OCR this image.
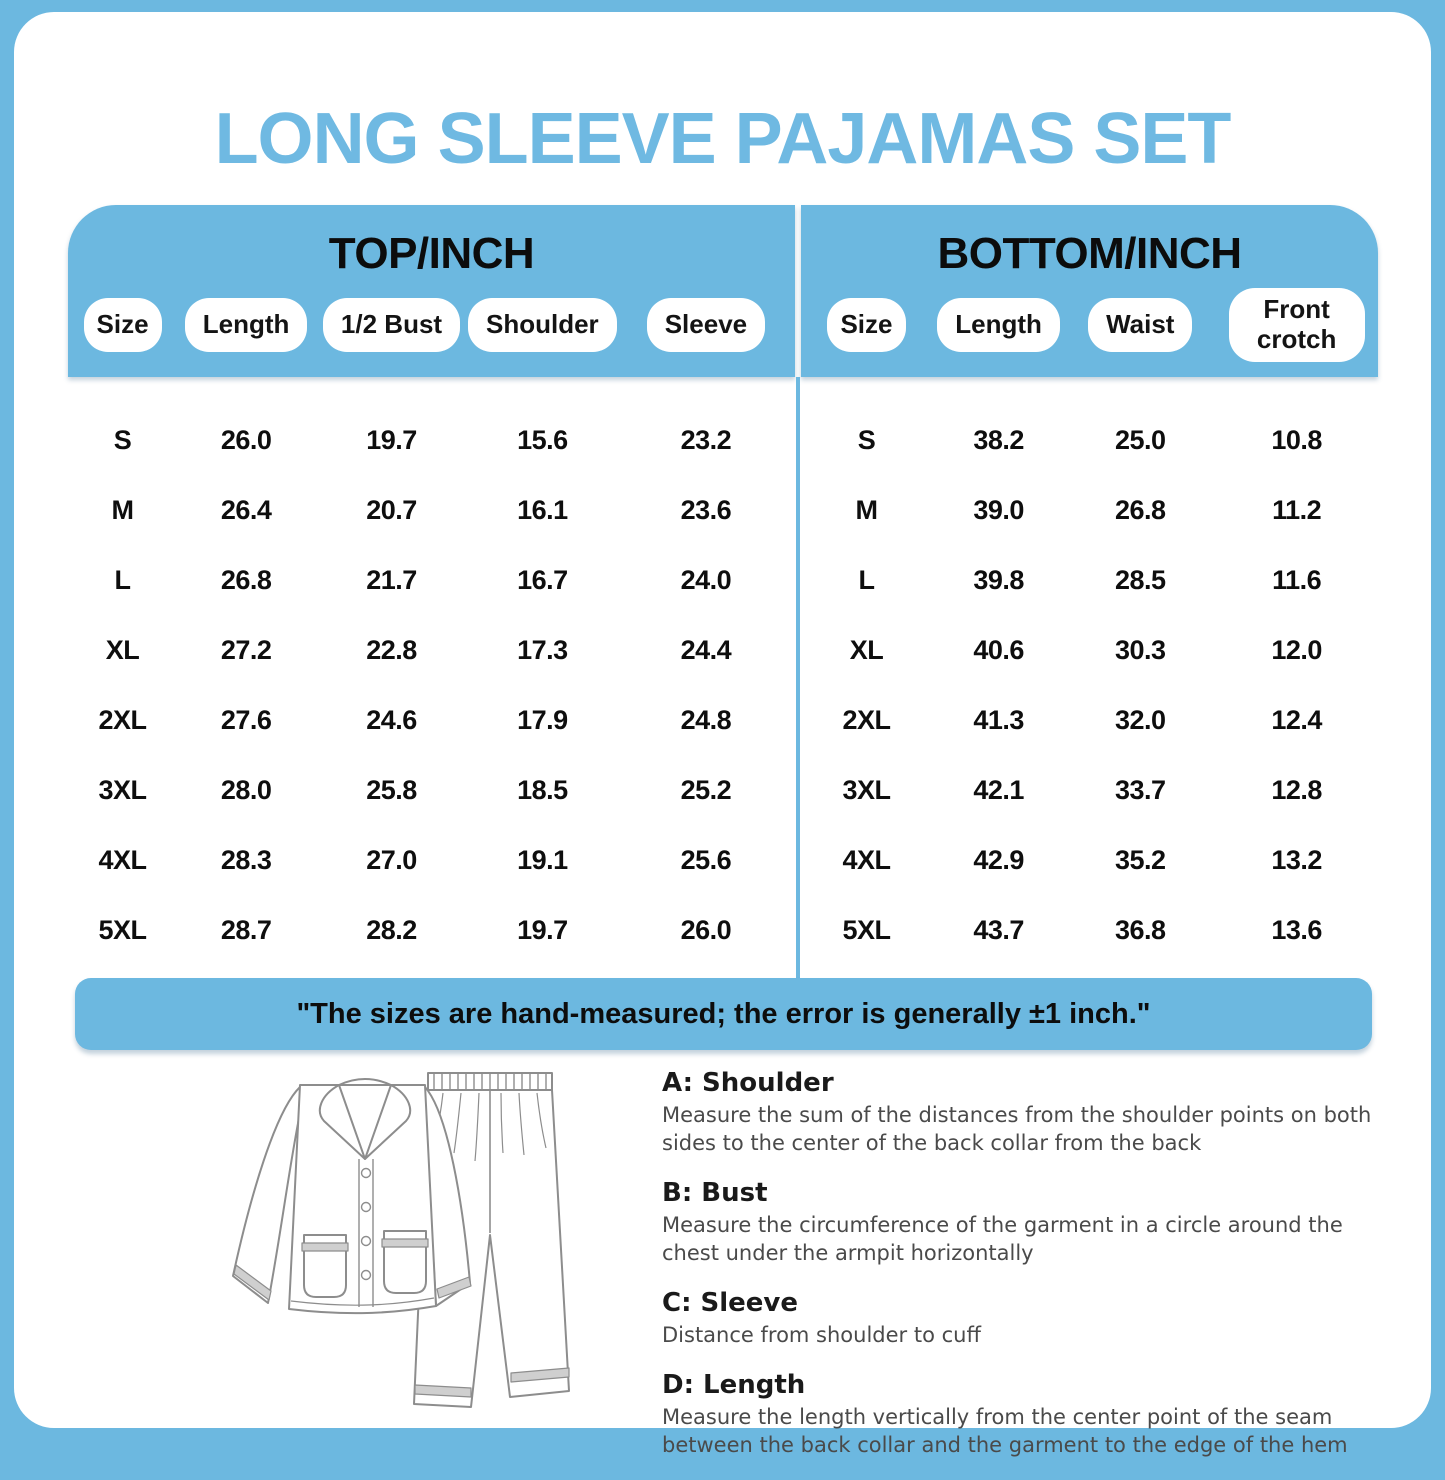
LONG SLEEVE PAJAMAS SET
TOP/INCH
Size	Length	1/2 Bust	Shoulder	Sleeve
S	26.0	19.7	15.6	23.2
M	26.4	20.7	16.1	23.6
L	26.8	21.7	16.7	24.0
XL	27.2	22.8	17.3	24.4
2XL	27.6	24.6	17.9	24.8
3XL	28.0	25.8	18.5	25.2
4XL	28.3	27.0	19.1	25.6
5XL	28.7	28.2	19.7	26.0
BOTTOM/INCH
Size	Length	Waist	Front crotch
S	38.2	25.0	10.8
M	39.0	26.8	11.2
L	39.8	28.5	11.6
XL	40.6	30.3	12.0
2XL	41.3	32.0	12.4
3XL	42.1	33.7	12.8
4XL	42.9	35.2	13.2
5XL	43.7	36.8	13.6
"The sizes are hand-measured; the error is generally ±1 inch."
A: Shoulder
Measure the sum of the distances from the shoulder points on both sides to the center of the back collar from the back
B: Bust
Measure the circumference of the garment in a circle around the chest under the armpit horizontally
C: Sleeve
Distance from shoulder to cuff
D: Length
Measure the length vertically from the center point of the seam between the back collar and the garment to the edge of the hem
